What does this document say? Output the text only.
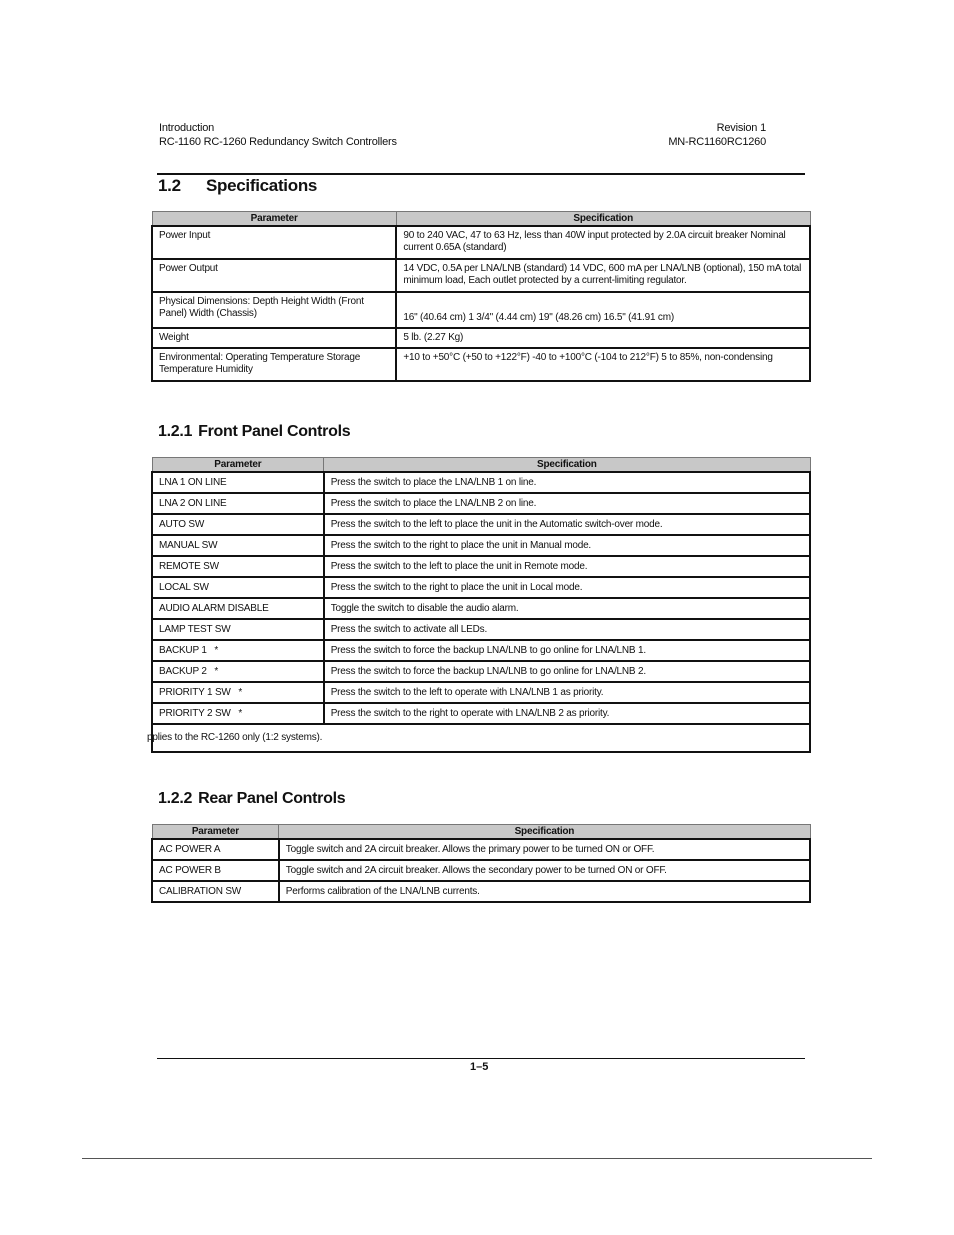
Introduction
RC-1160 RC-1260 Redundancy Switch Controllers
Revision 1
MN-RC1160RC1260
1.2 Specifications
Parameter	Specification
Power Input	90 to 240 VAC, 47 to 63 Hz, less than 40W input protected by 2.0A circuit breaker Nominal current 0.65A (standard)
Power Output	14 VDC, 0.5A per LNA/LNB (standard) 14 VDC, 600 mA per LNA/LNB (optional), 150 mA total minimum load, Each outlet protected by a current-limiting regulator.
Physical Dimensions: Depth Height Width (Front Panel) Width (Chassis)	16" (40.64 cm) 1 3/4" (4.44 cm) 19" (48.26 cm) 16.5" (41.91 cm)
Weight	5 lb. (2.27 Kg)
Environmental: Operating Temperature Storage Temperature Humidity	+10 to +50°C (+50 to +122°F) -40 to +100°C (-104 to 212°F) 5 to 85%, non-condensing
1.2.1 Front Panel Controls
Parameter	Specification
LNA 1 ON LINE	Press the switch to place the LNA/LNB 1 on line.
LNA 2 ON LINE	Press the switch to place the LNA/LNB 2 on line.
AUTO SW	Press the switch to the left to place the unit in the Automatic switch-over mode.
MANUAL SW	Press the switch to the right to place the unit in Manual mode.
REMOTE SW	Press the switch to the left to place the unit in Remote mode.
LOCAL SW	Press the switch to the right to place the unit in Local mode.
AUDIO ALARM DISABLE	Toggle the switch to disable the audio alarm.
LAMP TEST SW	Press the switch to activate all LEDs.
BACKUP 1   *	Press the switch to force the backup LNA/LNB to go online for LNA/LNB 1.
BACKUP 2   *	Press the switch to force the backup LNA/LNB to go online for LNA/LNB 2.
PRIORITY 1 SW   *	Press the switch to the left to operate with LNA/LNB 1 as priority.
PRIORITY 2 SW   *	Press the switch to the right to operate with LNA/LNB 2 as priority.

pplies to the RC-1260 only (1:2 systems).	
1.2.2 Rear Panel Controls
Parameter	Specification
AC POWER A	Toggle switch and 2A circuit breaker. Allows the primary power to be turned ON or OFF.
AC POWER B	Toggle switch and 2A circuit breaker. Allows the secondary power to be turned ON or OFF.
CALIBRATION SW	Performs calibration of the LNA/LNB currents.
1–5
